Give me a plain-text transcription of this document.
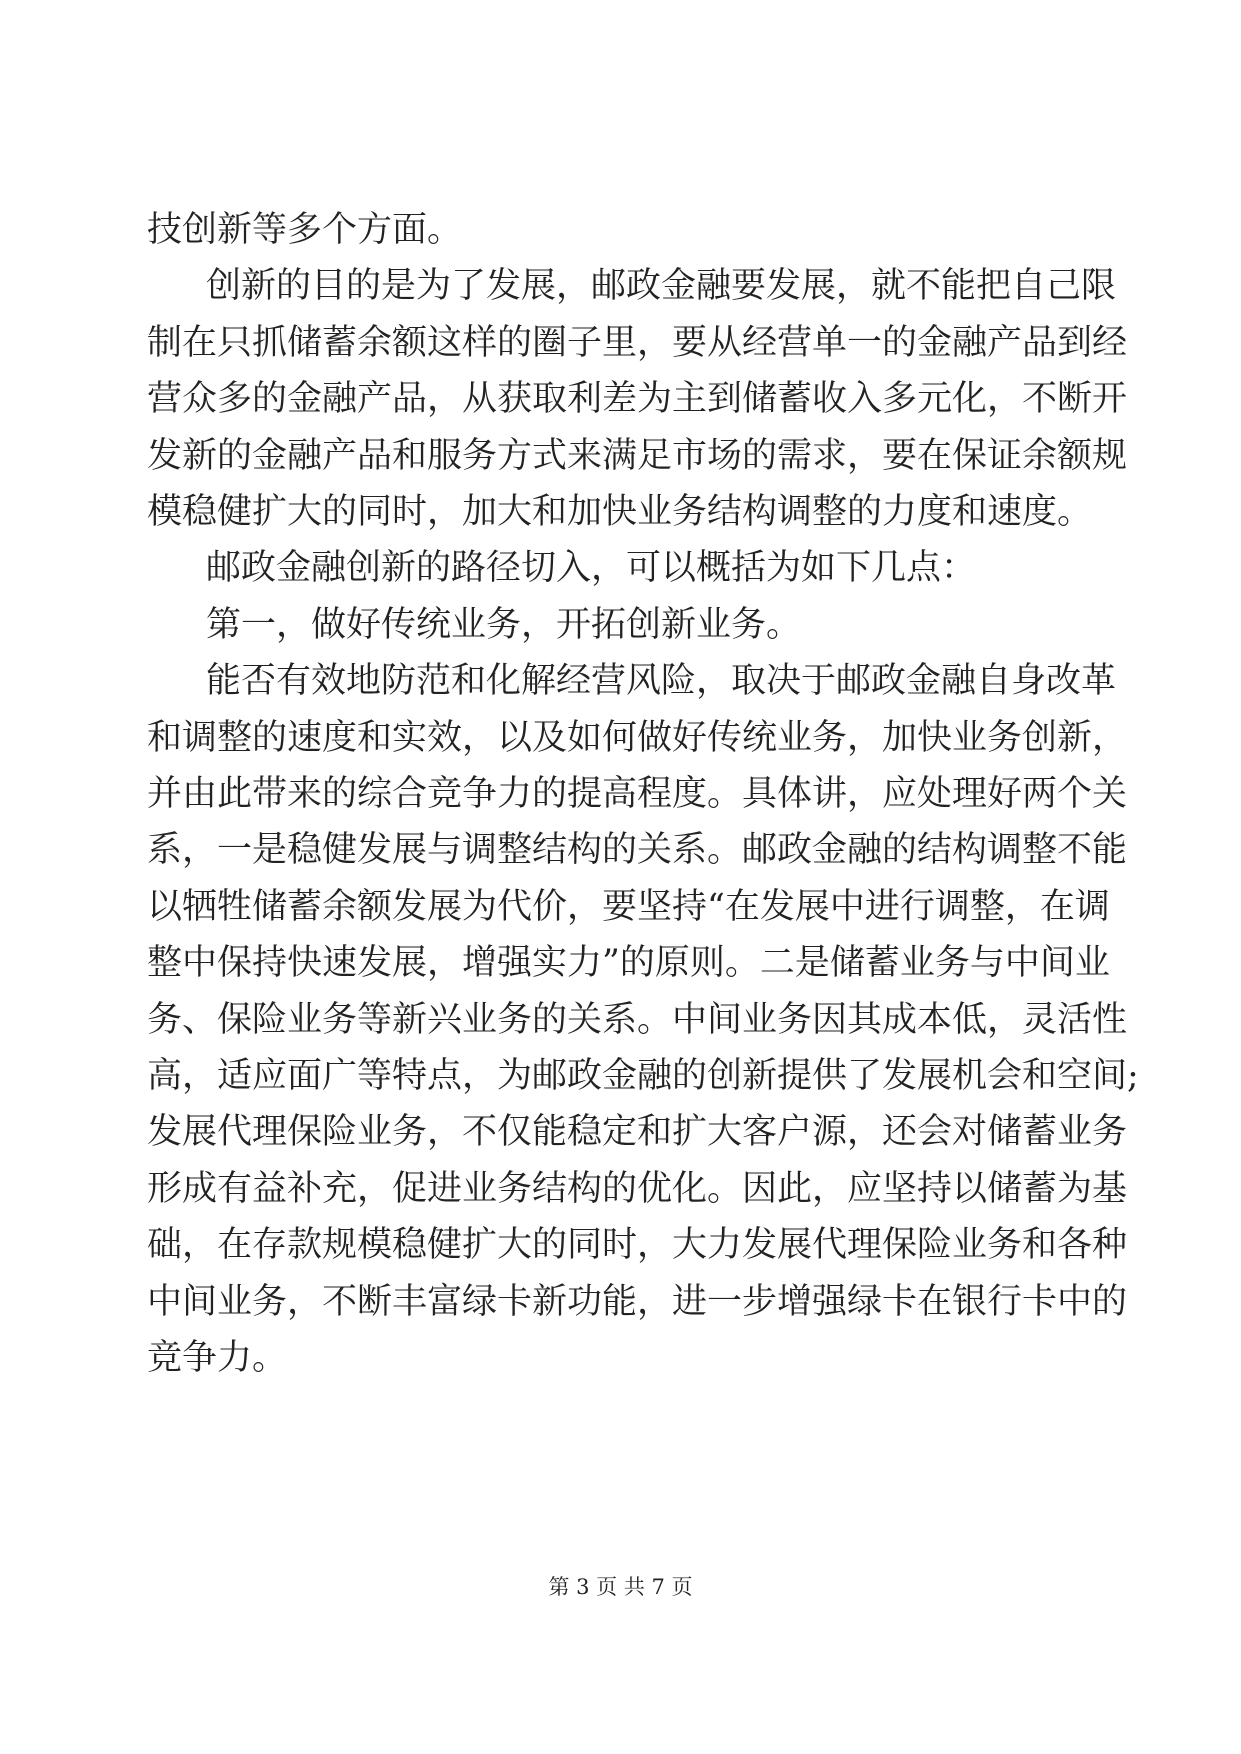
技创新等多个方面。
创新的目的是为了发展，邮政金融要发展，就不能把自己限
制在只抓储蓄余额这样的圈子里，要从经营单一的金融产品到经
营众多的金融产品，从获取利差为主到储蓄收入多元化，不断开
发新的金融产品和服务方式来满足市场的需求，要在保证余额规
模稳健扩大的同时，加大和加快业务结构调整的力度和速度。
邮政金融创新的路径切入，可以概括为如下几点：
第一，做好传统业务，开拓创新业务。
能否有效地防范和化解经营风险，取决于邮政金融自身改革
和调整的速度和实效，以及如何做好传统业务，加快业务创新，
并由此带来的综合竞争力的提高程度。具体讲，应处理好两个关
系，一是稳健发展与调整结构的关系。邮政金融的结构调整不能
以牺牲储蓄余额发展为代价，要坚持“在发展中进行调整，在调
整中保持快速发展，增强实力”的原则。二是储蓄业务与中间业
务、保险业务等新兴业务的关系。中间业务因其成本低，灵活性
高，适应面广等特点，为邮政金融的创新提供了发展机会和空间;
发展代理保险业务，不仅能稳定和扩大客户源，还会对储蓄业务
形成有益补充，促进业务结构的优化。因此，应坚持以储蓄为基
础，在存款规模稳健扩大的同时，大力发展代理保险业务和各种
中间业务，不断丰富绿卡新功能，进一步增强绿卡在银行卡中的
竞争力。
第 3 页 共 7 页
